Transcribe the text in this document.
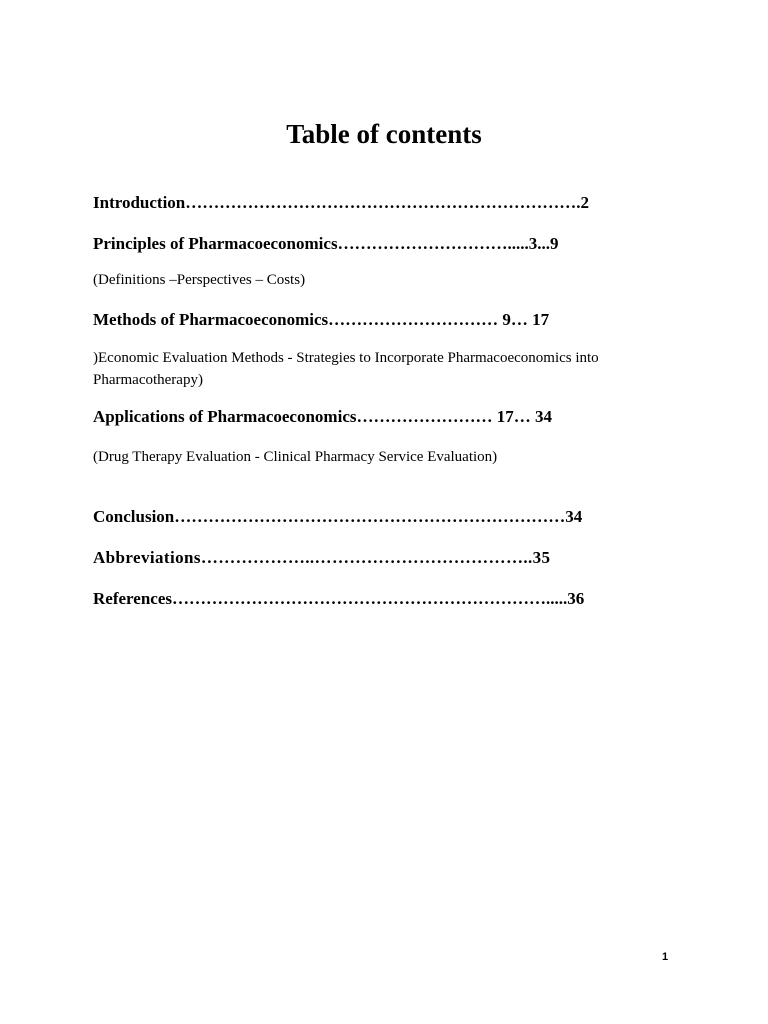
Table of contents

Introduction…………………………………………………………….2

Principles of Pharmacoeconomics………………………….....3...9

(Definitions –Perspectives – Costs)

Methods of Pharmacoeconomics………………………… 9… 17

)Economic Evaluation Methods - Strategies to Incorporate Pharmacoeconomics into Pharmacotherapy)

Applications of Pharmacoeconomics…………………… 17… 34

(Drug Therapy Evaluation - Clinical Pharmacy Service Evaluation)

Conclusion……………………………………………………………34

Abbreviations………………..………………………………..35

References………………………………………………………….....36

1
